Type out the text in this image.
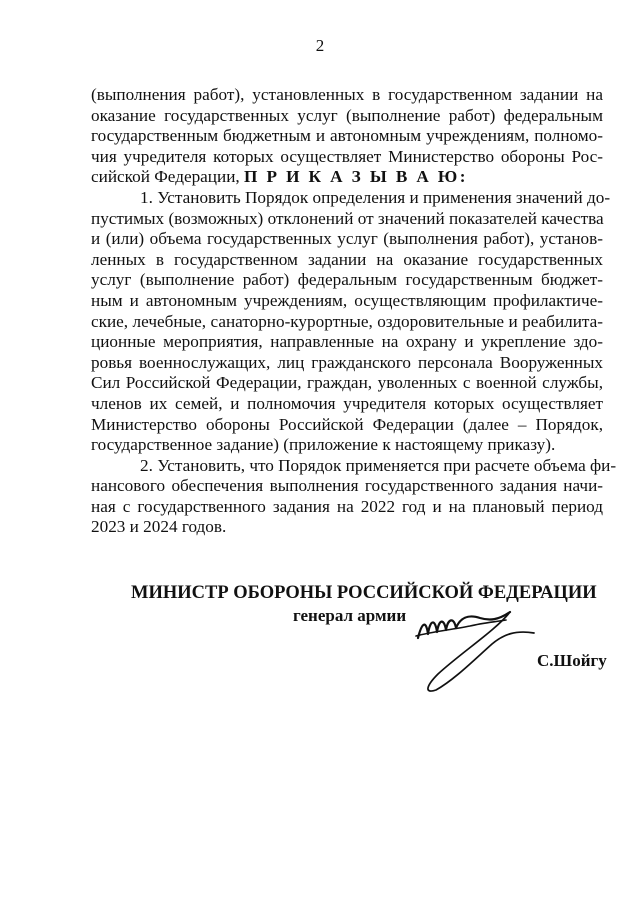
2
(выполнения работ), установленных в государственном задании на
оказание государственных услуг (выполнение работ) федеральным
государственным бюджетным и автономным учреждениям, полномо-
чия учредителя которых осуществляет Министерство обороны Рос-
сийской Федерации, П Р И К А З Ы В А Ю:
1. Установить Порядок определения и применения значений до-
пустимых (возможных) отклонений от значений показателей качества
и (или) объема государственных услуг (выполнения работ), установ-
ленных в государственном задании на оказание государственных
услуг (выполнение работ) федеральным государственным бюджет-
ным и автономным учреждениям, осуществляющим профилактиче-
ские, лечебные, санаторно-курортные, оздоровительные и реабилита-
ционные мероприятия, направленные на охрану и укрепление здо-
ровья военнослужащих, лиц гражданского персонала Вооруженных
Сил Российской Федерации, граждан, уволенных с военной службы,
членов их семей, и полномочия учредителя которых осуществляет
Министерство обороны Российской Федерации (далее – Порядок,
государственное задание) (приложение к настоящему приказу).
2. Установить, что Порядок применяется при расчете объема фи-
нансового обеспечения выполнения государственного задания начи-
ная с государственного задания на 2022 год и на плановый период
2023 и 2024 годов.
МИНИСТР ОБОРОНЫ РОССИЙСКОЙ ФЕДЕРАЦИИ
генерал армии
С.Шойгу
